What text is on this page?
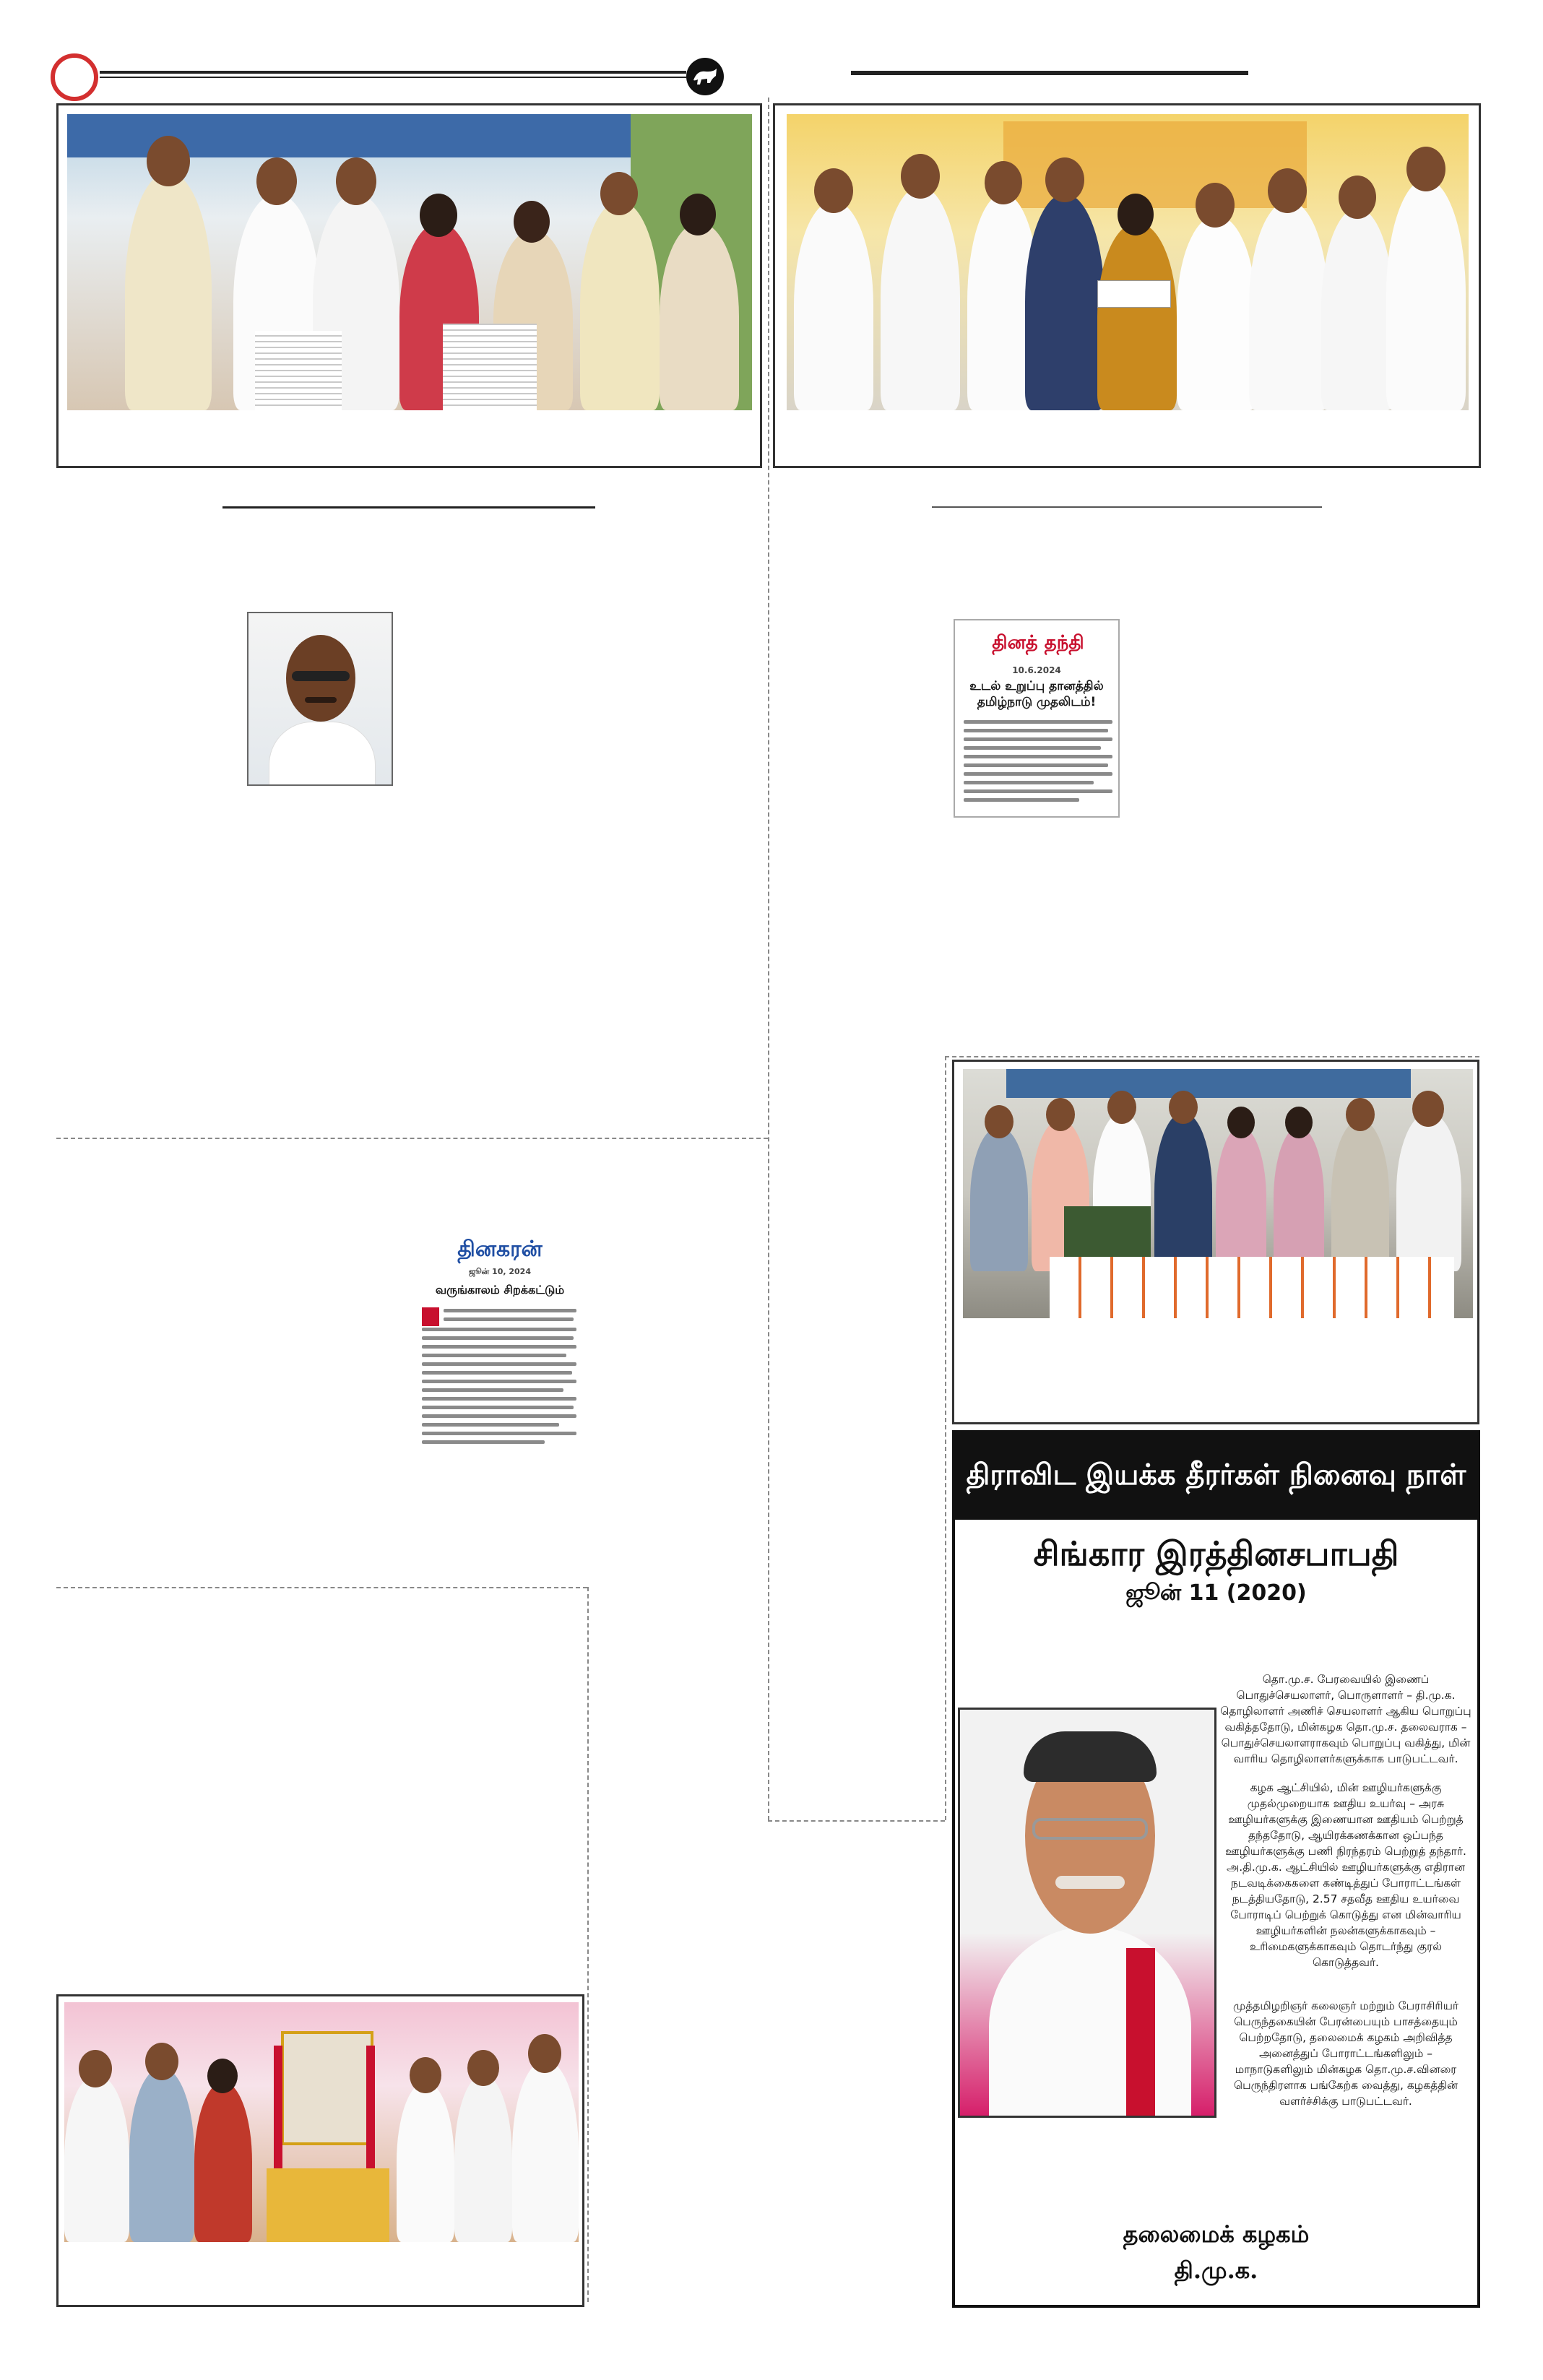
தினத் தந்தி
10.6.2024
உடல் உறுப்பு தானத்தில் தமிழ்நாடு முதலிடம்!
தினகரன்
ஜூன் 10, 2024
வருங்காலம் சிறக்கட்டும்
திராவிட இயக்க தீரர்கள் நினைவு நாள்
சிங்கார இரத்தினசபாபதி
ஜூன் 11 (2020)

தொ.மு.ச. பேரவையில் இணைப் பொதுச்செயலாளர், பொருளாளர் – தி.மு.க. தொழிலாளர் அணிச் செயலாளர் ஆகிய பொறுப்பு வகித்ததோடு, மின்கழக தொ.மு.ச. தலைவராக – பொதுச்செயலாளராகவும் பொறுப்பு வகித்து, மின் வாரிய தொழிலாளர்களுக்காக பாடுபட்டவர்.

கழக ஆட்சியில், மின் ஊழியர்களுக்கு முதல்முறையாக ஊதிய உயர்வு – அரசு ஊழியர்களுக்கு இணையான ஊதியம் பெற்றுத் தந்ததோடு, ஆயிரக்கணக்கான ஒப்பந்த ஊழியர்களுக்கு பணி நிரந்தரம் பெற்றுத் தந்தார். அ.தி.மு.க. ஆட்சியில் ஊழியர்களுக்கு எதிரான நடவடிக்கைகளை கண்டித்துப் போராட்டங்கள் நடத்தியதோடு, 2.57 சதவீத ஊதிய உயர்வை போராடிப் பெற்றுக் கொடுத்து என மின்வாரிய ஊழியர்களின் நலன்களுக்காகவும் – உரிமைகளுக்காகவும் தொடர்ந்து குரல் கொடுத்தவர்.

முத்தமிழறிஞர் கலைஞர் மற்றும் பேராசிரியர் பெருந்தகையின் பேரன்பையும் பாசத்தையும் பெற்றதோடு, தலைமைக் கழகம் அறிவித்த அனைத்துப் போராட்டங்களிலும் – மாநாடுகளிலும் மின்கழக தொ.மு.ச.வினரை பெருந்திரளாக பங்கேற்க வைத்து, கழகத்தின் வளர்ச்சிக்கு பாடுபட்டவர்.

தலைமைக் கழகம்
தி.மு.க.
